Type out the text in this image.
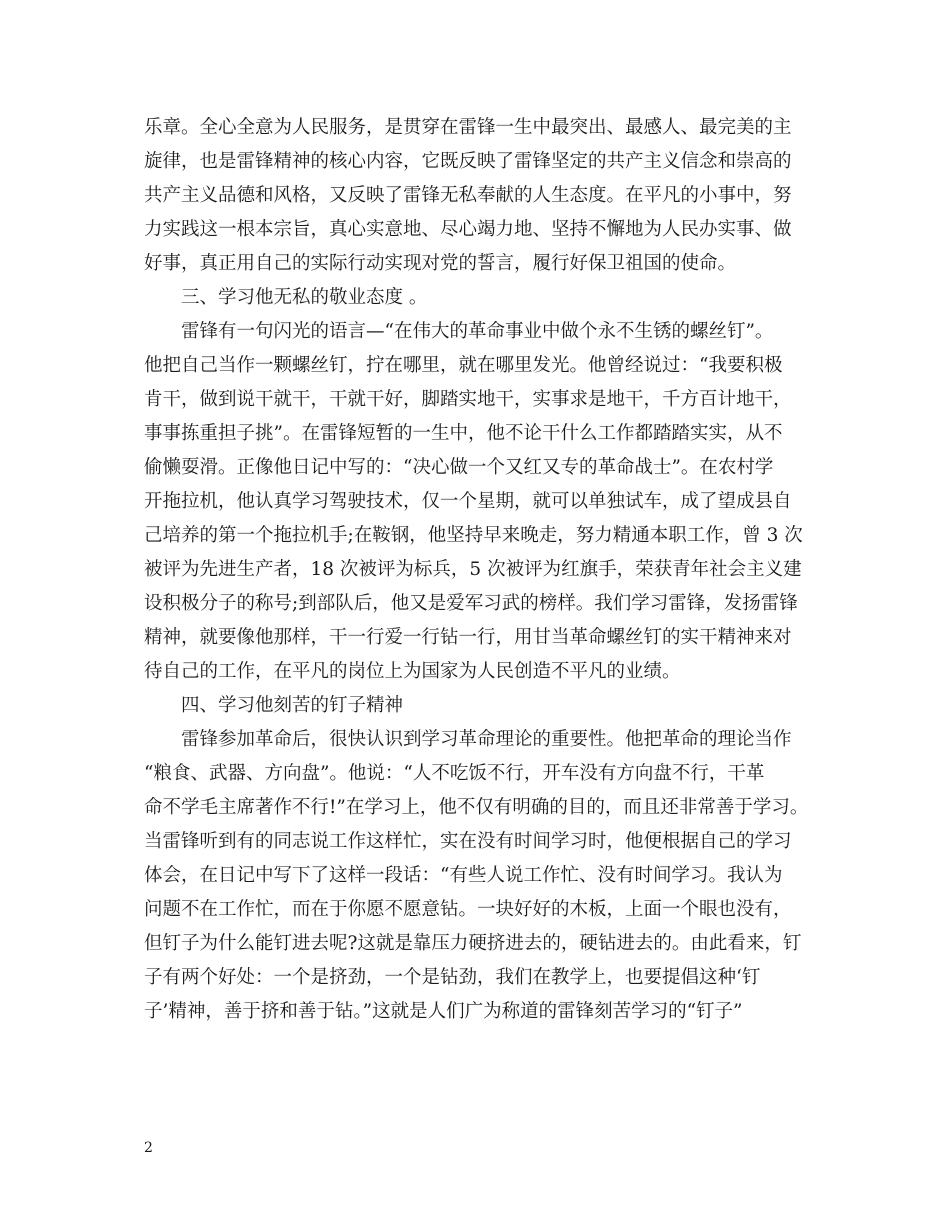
乐章。全心全意为人民服务，是贯穿在雷锋一生中最突出、最感人、最完美的主
旋律，也是雷锋精神的核心内容，它既反映了雷锋坚定的共产主义信念和崇高的
共产主义品德和风格，又反映了雷锋无私奉献的人生态度。在平凡的小事中，努
力实践这一根本宗旨，真心实意地、尽心竭力地、坚持不懈地为人民办实事、做
好事，真正用自己的实际行动实现对党的誓言，履行好保卫祖国的使命。
三、学习他无私的敬业态度 。
雷锋有一句闪光的语言—“在伟大的革命事业中做个永不生锈的螺丝钉”。
他把自己当作一颗螺丝钉，拧在哪里，就在哪里发光。他曾经说过：“我要积极
肯干，做到说干就干，干就干好，脚踏实地干，实事求是地干，千方百计地干，
事事拣重担子挑”。在雷锋短暂的一生中，他不论干什么工作都踏踏实实，从不
偷懒耍滑。正像他日记中写的：“决心做一个又红又专的革命战士”。在农村学
开拖拉机，他认真学习驾驶技术，仅一个星期，就可以单独试车，成了望成县自
己培养的第一个拖拉机手;在鞍钢，他坚持早来晚走，努力精通本职工作，曾 3 次
被评为先进生产者，18 次被评为标兵，5 次被评为红旗手，荣获青年社会主义建
设积极分子的称号;到部队后，他又是爱军习武的榜样。我们学习雷锋，发扬雷锋
精神，就要像他那样，干一行爱一行钻一行，用甘当革命螺丝钉的实干精神来对
待自己的工作，在平凡的岗位上为国家为人民创造不平凡的业绩。
四、学习他刻苦的钉子精神
雷锋参加革命后，很快认识到学习革命理论的重要性。他把革命的理论当作
“粮食、武器、方向盘”。他说：“人不吃饭不行，开车没有方向盘不行，干革
命不学毛主席著作不行!”在学习上，他不仅有明确的目的，而且还非常善于学习。
当雷锋听到有的同志说工作这样忙，实在没有时间学习时，他便根据自己的学习
体会，在日记中写下了这样一段话：“有些人说工作忙、没有时间学习。我认为
问题不在工作忙，而在于你愿不愿意钻。一块好好的木板，上面一个眼也没有，
但钉子为什么能钉进去呢?这就是靠压力硬挤进去的，硬钻进去的。由此看来，钉
子有两个好处：一个是挤劲，一个是钻劲，我们在教学上，也要提倡这种‘钉
子’精神，善于挤和善于钻。”这就是人们广为称道的雷锋刻苦学习的“钉子”
2
